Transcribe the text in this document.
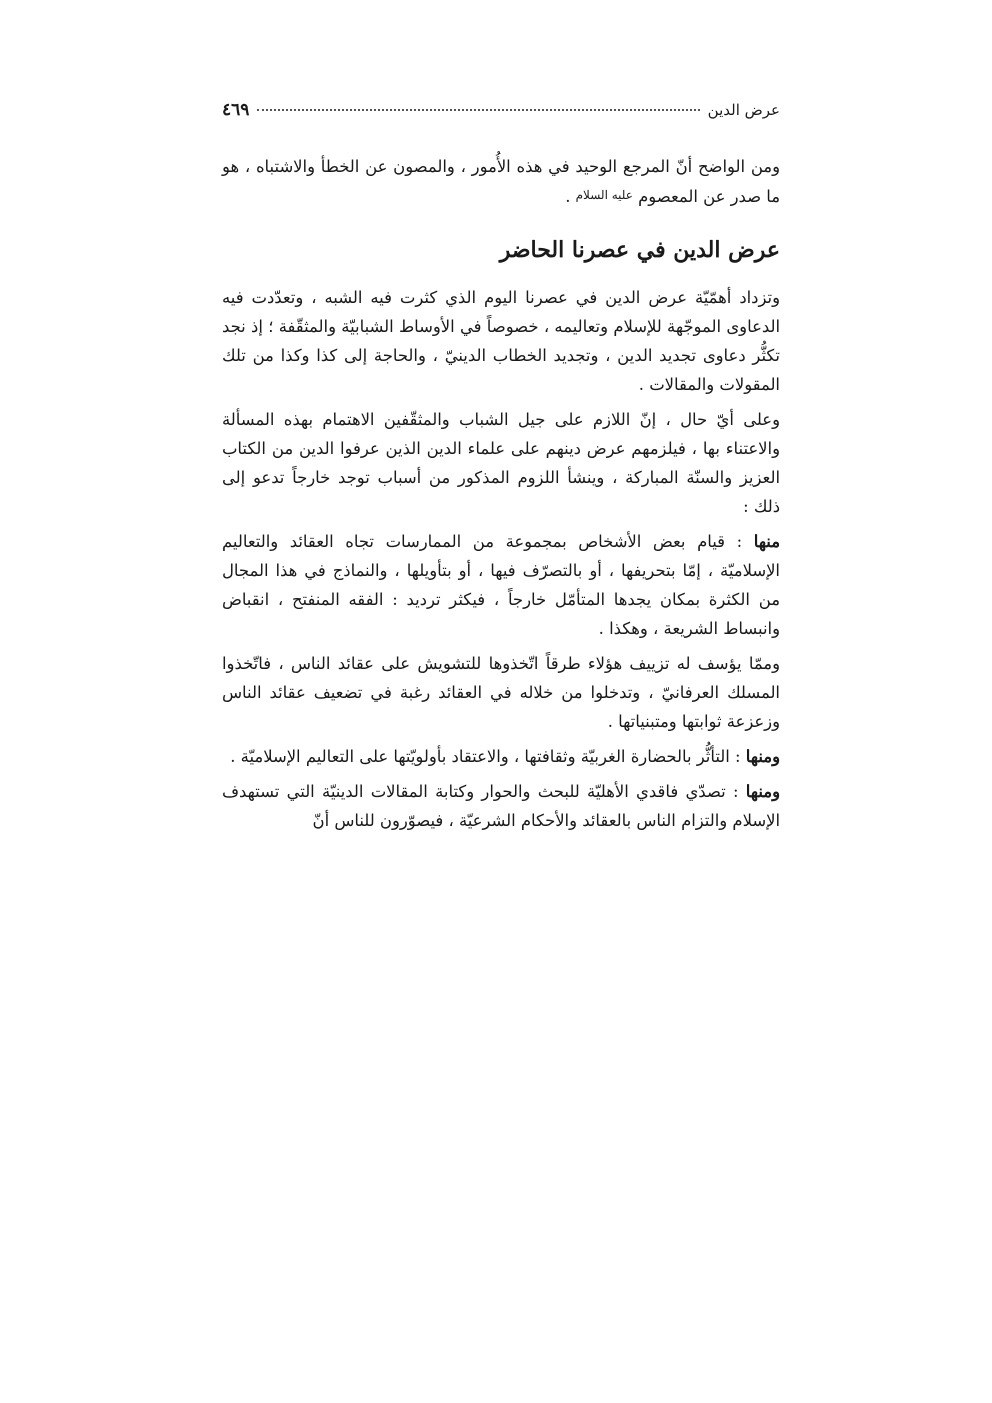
عرض الدين
٤٦٩

ومن الواضح أنّ المرجع الوحيد في هذه الأُمور ، والمصون عن الخطأ والاشتباه ، هو ما صدر عن المعصوم عليه السلام .

عرض الدين في عصرنا الحاضر

وتزداد أهمّيّة عرض الدين في عصرنا اليوم الذي كثرت فيه الشبه ، وتعدّدت فيه الدعاوى الموجّهة للإسلام وتعاليمه ، خصوصاً في الأوساط الشبابيّة والمثقّفة ؛ إذ نجد تكثُّر دعاوى تجديد الدين ، وتجديد الخطاب الدينيّ ، والحاجة إلى كذا وكذا من تلك المقولات والمقالات .

وعلى أيّ حال ، إنّ اللازم على جيل الشباب والمثقّفين الاهتمام بهذه المسألة والاعتناء بها ، فيلزمهم عرض دينهم على علماء الدين الذين عرفوا الدين من الكتاب العزيز والسنّة المباركة ، وينشأ اللزوم المذكور من أسباب توجد خارجاً تدعو إلى ذلك :

منها : قيام بعض الأشخاص بمجموعة من الممارسات تجاه العقائد والتعاليم الإسلاميّة ، إمّا بتحريفها ، أو بالتصرّف فيها ، أو بتأويلها ، والنماذج في هذا المجال من الكثرة بمكان يجدها المتأمّل خارجاً ، فيكثر ترديد : الفقه المنفتح ، انقباض وانبساط الشريعة ، وهكذا .

وممّا يؤسف له تزييف هؤلاء طرقاً اتّخذوها للتشويش على عقائد الناس ، فاتّخذوا المسلك العرفانيّ ، وتدخلوا من خلاله في العقائد رغبة في تضعيف عقائد الناس وزعزعة ثوابتها ومتبنياتها .

ومنها : التأثُّر بالحضارة الغربيّة وثقافتها ، والاعتقاد بأولويّتها على التعاليم الإسلاميّة .

ومنها : تصدّي فاقدي الأهليّة للبحث والحوار وكتابة المقالات الدينيّة التي تستهدف الإسلام والتزام الناس بالعقائد والأحكام الشرعيّة ، فيصوّرون للناس أنّ
